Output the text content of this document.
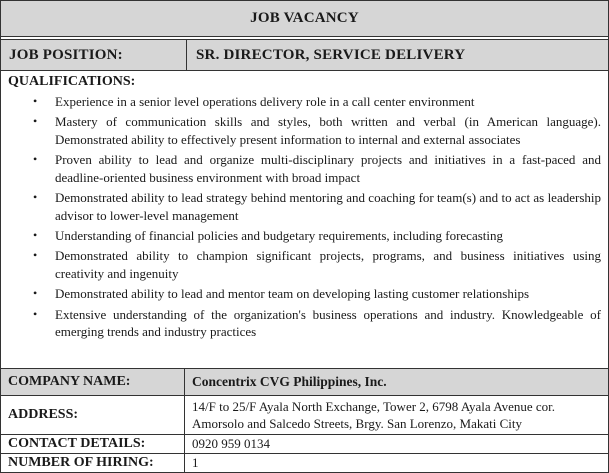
JOB VACANCY
JOB POSITION:	SR. DIRECTOR, SERVICE DELIVERY
QUALIFICATIONS:
• Experience in a senior level operations delivery role in a call center environment
• Mastery of communication skills and styles, both written and verbal (in American language). Demonstrated ability to effectively present information to internal and external associates
• Proven ability to lead and organize multi-disciplinary projects and initiatives in a fast-paced and deadline-oriented business environment with broad impact
• Demonstrated ability to lead strategy behind mentoring and coaching for team(s) and to act as leadership advisor to lower-level management
• Understanding of financial policies and budgetary requirements, including forecasting
• Demonstrated ability to champion significant projects, programs, and business initiatives using creativity and ingenuity
• Demonstrated ability to lead and mentor team on developing lasting customer relationships
• Extensive understanding of the organization's business operations and industry. Knowledgeable of emerging trends and industry practices
COMPANY NAME:	Concentrix CVG Philippines, Inc.
ADDRESS:
14/F to 25/F Ayala North Exchange, Tower 2, 6798 Ayala Avenue cor. Amorsolo and Salcedo Streets, Brgy. San Lorenzo, Makati City
CONTACT DETAILS:	0920 959 0134
NUMBER OF HIRING:	1
